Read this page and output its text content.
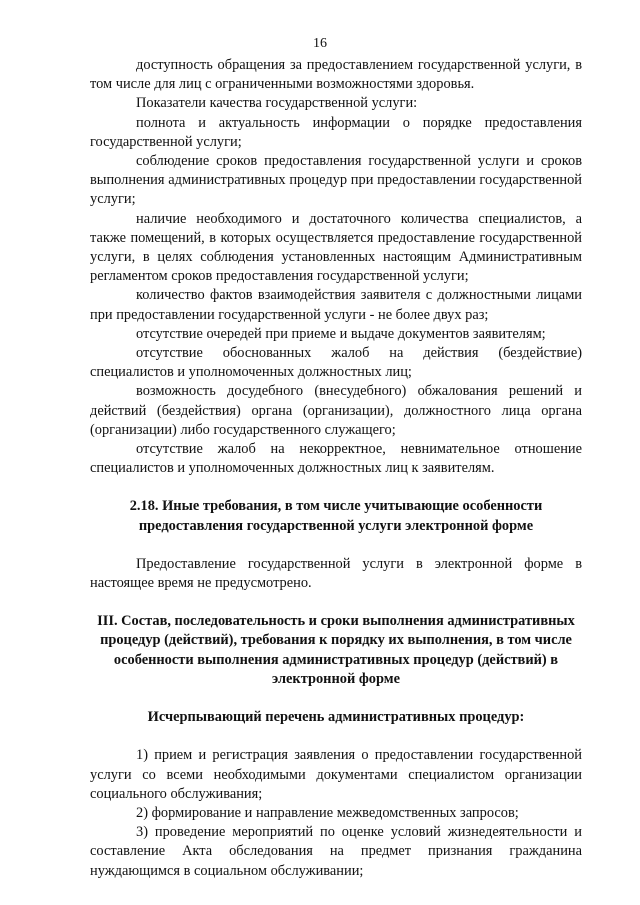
16

доступность обращения за предоставлением государственной услуги, в том числе для лиц с ограниченными возможностями здоровья.

Показатели качества государственной услуги:

полнота и актуальность информации о порядке предоставления государственной услуги;

соблюдение сроков предоставления государственной услуги и сроков выполнения административных процедур при предоставлении государственной услуги;

наличие необходимого и достаточного количества специалистов, а также помещений, в которых осуществляется предоставление государственной услуги, в целях соблюдения установленных настоящим Административным регламентом сроков предоставления государственной услуги;

количество фактов взаимодействия заявителя с должностными лицами при предоставлении государственной услуги - не более двух раз;

отсутствие очередей при приеме и выдаче документов заявителям;

отсутствие обоснованных жалоб на действия (бездействие) специалистов и уполномоченных должностных лиц;

возможность досудебного (внесудебного) обжалования решений и действий (бездействия) органа (организации), должностного лица органа (организации) либо государственного служащего;

отсутствие жалоб на некорректное, невнимательное отношение специалистов и уполномоченных должностных лиц к заявителям.

2.18. Иные требования, в том числе учитывающие особенности предоставления государственной услуги электронной форме

Предоставление государственной услуги в электронной форме в настоящее время не предусмотрено.

III. Состав, последовательность и сроки выполнения административных процедур (действий), требования к порядку их выполнения, в том числе особенности выполнения административных процедур (действий) в электронной форме

Исчерпывающий перечень административных процедур:

1) прием и регистрация заявления о предоставлении государственной услуги со всеми необходимыми документами специалистом организации социального обслуживания;

2) формирование и направление межведомственных запросов;

3) проведение мероприятий по оценке условий жизнедеятельности и составление Акта обследования на предмет признания гражданина нуждающимся в социальном обслуживании;
